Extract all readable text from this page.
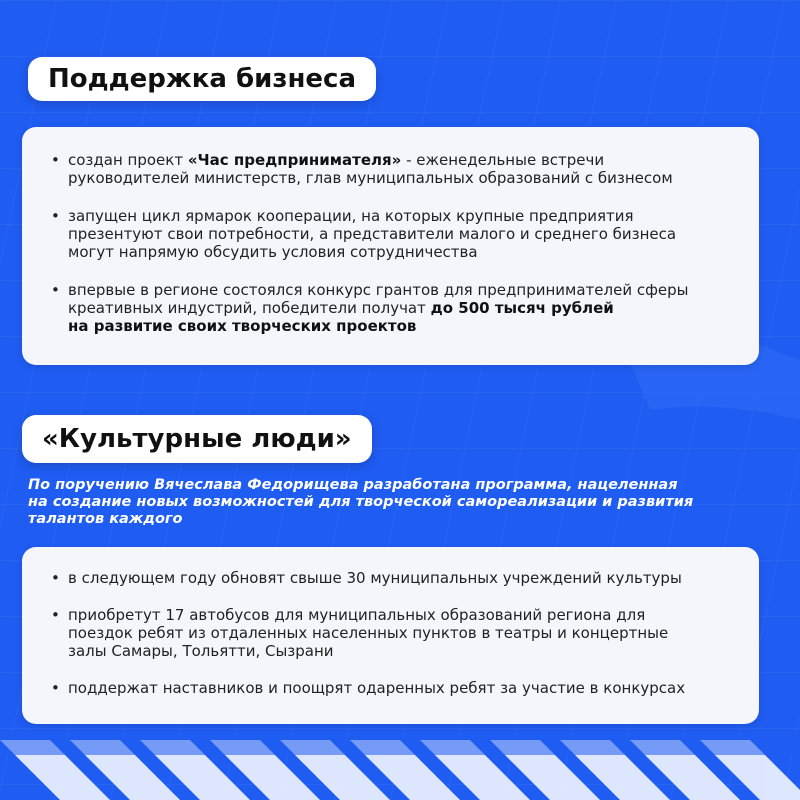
Поддержка бизнеса
• создан проект «Час предпринимателя» - еженедельные встречи
руководителей министерств, глав муниципальных образований с бизнесом
• запущен цикл ярмарок кооперации, на которых крупные предприятия
презентуют свои потребности, а представители малого и среднего бизнеса
могут напрямую обсудить условия сотрудничества
• впервые в регионе состоялся конкурс грантов для предпринимателей сферы
креативных индустрий, победители получат до 500 тысяч рублей
на развитие своих творческих проектов
«Культурные люди»
По поручению Вячеслава Федорищева разработана программа, нацеленная
на создание новых возможностей для творческой самореализации и развития
талантов каждого
• в следующем году обновят свыше 30 муниципальных учреждений культуры
• приобретут 17 автобусов для муниципальных образований региона для
поездок ребят из отдаленных населенных пунктов в театры и концертные
залы Самары, Тольятти, Сызрани
• поддержат наставников и поощрят одаренных ребят за участие в конкурсах
